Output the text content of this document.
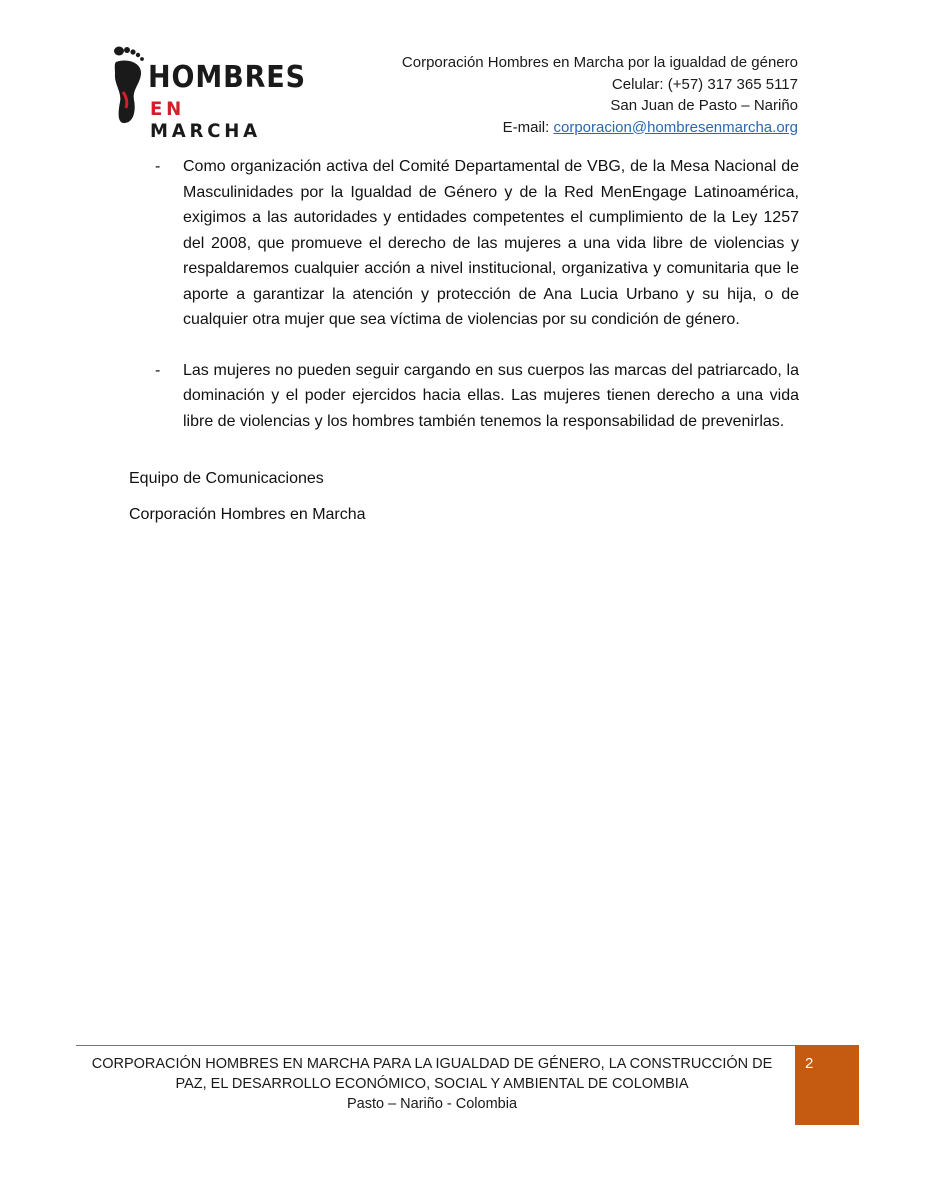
HOMBRES
EN MARCHA
Corporación Hombres en Marcha por la igualdad de género
Celular: (+57) 317 365 5117
San Juan de Pasto – Nariño
E-mail: corporacion@hombresenmarcha.org
-	Como organización activa del Comité Departamental de VBG, de la Mesa Nacional de Masculinidades por la Igualdad de Género y de la Red MenEngage Latinoamérica, exigimos a las autoridades y entidades competentes el cumplimiento de la Ley 1257 del 2008, que promueve el derecho de las mujeres a una vida libre de violencias y respaldaremos cualquier acción a nivel institucional, organizativa y comunitaria que le aporte a garantizar la atención y protección de Ana Lucia Urbano y su hija, o de cualquier otra mujer que sea víctima de violencias por su condición de género.
-	Las mujeres no pueden seguir cargando en sus cuerpos las marcas del patriarcado, la dominación y el poder ejercidos hacia ellas. Las mujeres tienen derecho a una vida libre de violencias y los hombres también tenemos la responsabilidad de prevenirlas.
Equipo de Comunicaciones
Corporación Hombres en Marcha
CORPORACIÓN HOMBRES EN MARCHA PARA LA IGUALDAD DE GÉNERO, LA CONSTRUCCIÓN DE
PAZ, EL DESARROLLO ECONÓMICO, SOCIAL Y AMBIENTAL DE COLOMBIA
Pasto – Nariño - Colombia
2
